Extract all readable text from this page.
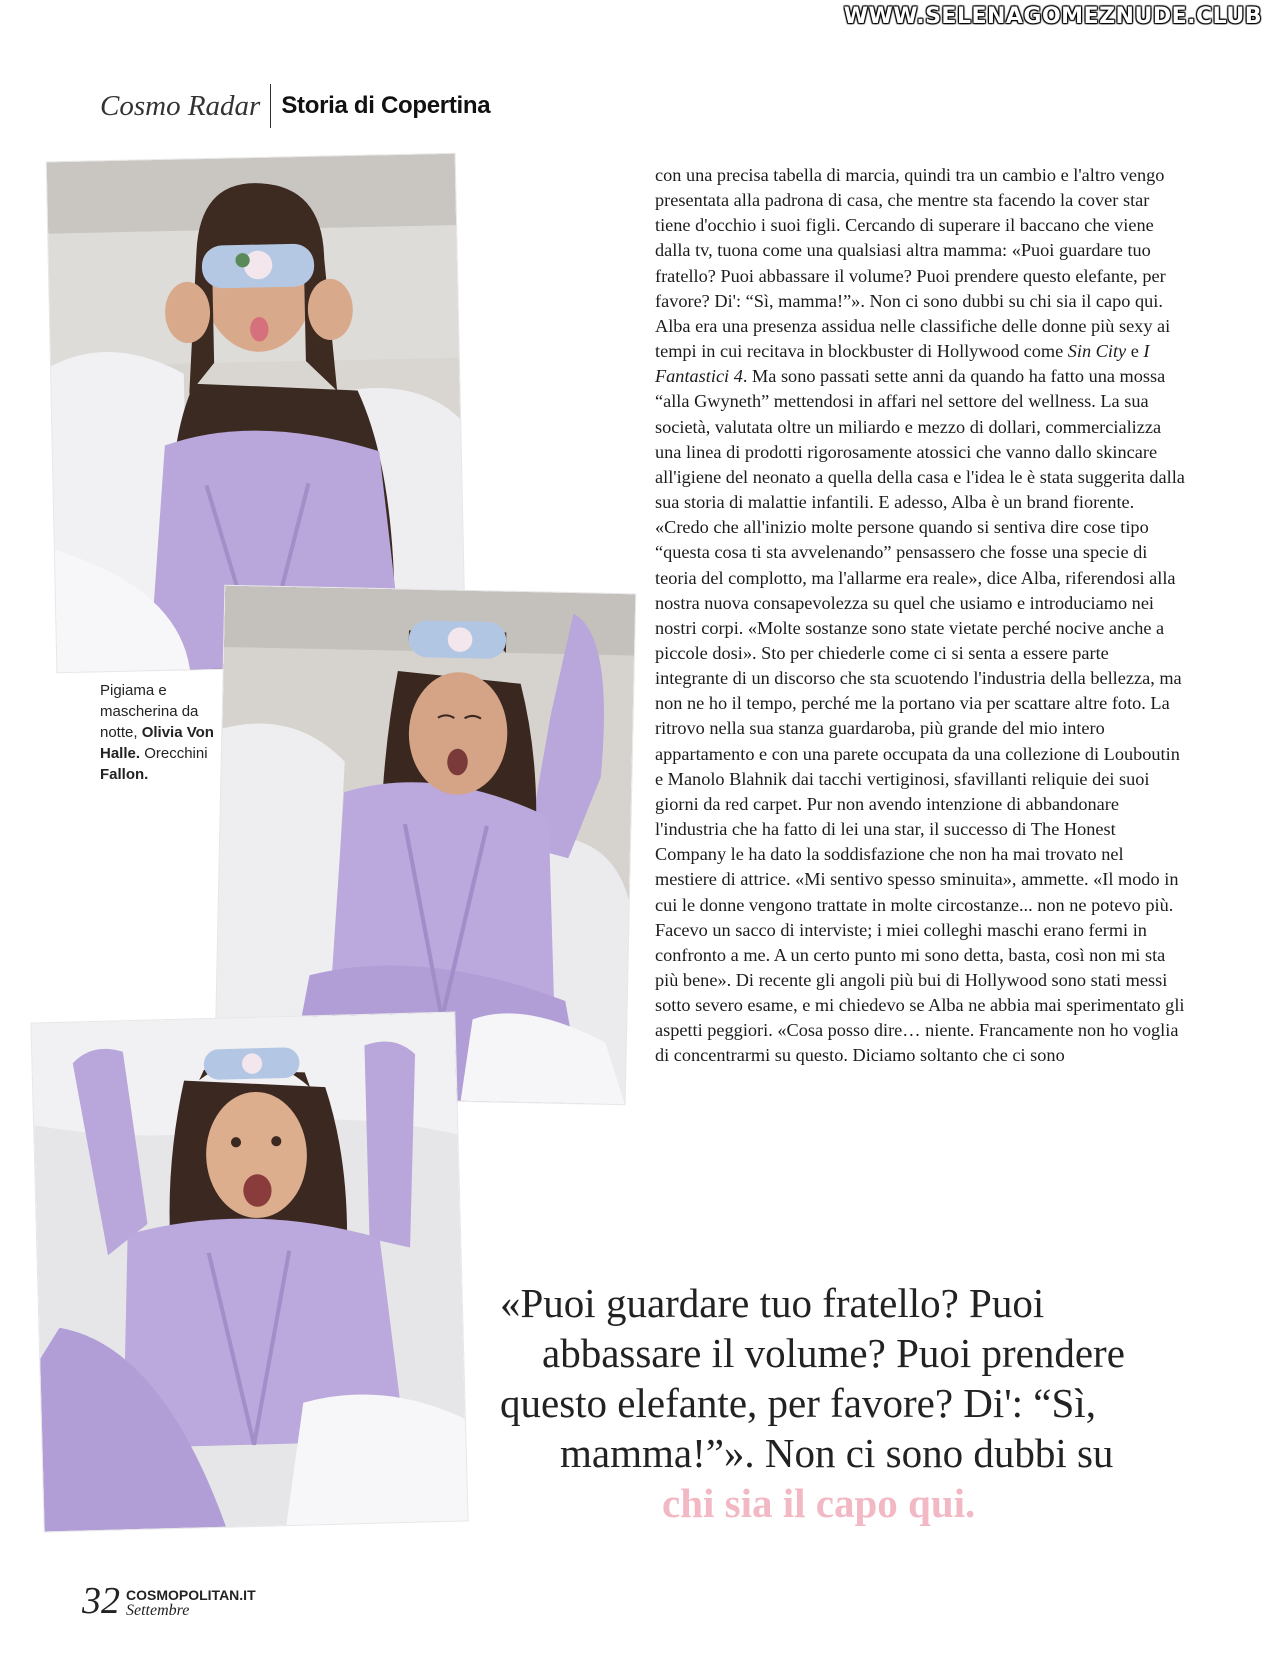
WWW.SELENAGOMEZNUDE.CLUB
Cosmo Radar Storia di Copertina
Pigiama e mascherina da notte, Olivia Von Halle. Orecchini Fallon.

con una precisa tabella di marcia, quindi tra un cambio e l'altro vengo presentata alla padrona di casa, che mentre sta facendo la cover star tiene d'occhio i suoi figli. Cercando di superare il baccano che viene dalla tv, tuona come una qualsiasi altra mamma: «Puoi guardare tuo fratello? Puoi abbassare il volume? Puoi prendere questo elefante, per favore? Di': “Sì, mamma!”». Non ci sono dubbi su chi sia il capo qui. Alba era una presenza assidua nelle classifiche delle donne più sexy ai tempi in cui recitava in blockbuster di Hollywood come Sin City e I Fantastici 4. Ma sono passati sette anni da quando ha fatto una mossa “alla Gwyneth” mettendosi in affari nel settore del wellness. La sua società, valutata oltre un miliardo e mezzo di dollari, commercializza una linea di prodotti rigorosamente atossici che vanno dallo skincare all'igiene del neonato a quella della casa e l'idea le è stata suggerita dalla sua storia di malattie infantili. E adesso, Alba è un brand fiorente. «Credo che all'inizio molte persone quando si sentiva dire cose tipo “questa cosa ti sta avvelenando” pensassero che fosse una specie di teoria del complotto, ma l'allarme era reale», dice Alba, riferendosi alla nostra nuova consapevolezza su quel che usiamo e introduciamo nei nostri corpi. «Molte sostanze sono state vietate perché nocive anche a piccole dosi». Sto per chiederle come ci si senta a essere parte integrante di un discorso che sta scuotendo l'industria della bellezza, ma non ne ho il tempo, perché me la portano via per scattare altre foto. La ritrovo nella sua stanza guardaroba, più grande del mio intero appartamento e con una parete occupata da una collezione di Louboutin e Manolo Blahnik dai tacchi vertiginosi, sfavillanti reliquie dei suoi giorni da red carpet. Pur non avendo intenzione di abbandonare l'industria che ha fatto di lei una star, il successo di The Honest Company le ha dato la soddisfazione che non ha mai trovato nel mestiere di attrice. «Mi sentivo spesso sminuita», ammette. «Il modo in cui le donne vengono trattate in molte circostanze... non ne potevo più. Facevo un sacco di interviste; i miei colleghi maschi erano fermi in confronto a me. A un certo punto mi sono detta, basta, così non mi sta più bene». Di recente gli angoli più bui di Hollywood sono stati messi sotto severo esame, e mi chiedevo se Alba ne abbia mai sperimentato gli aspetti peggiori. «Cosa posso dire… niente. Francamente non ho voglia di concentrarmi su questo. Diciamo soltanto che ci sono

«Puoi guardare tuo fratello? Puoi
abbassare il volume? Puoi prendere
questo elefante, per favore? Di': “Sì,
mamma!”». Non ci sono dubbi su
chi sia il capo qui.
32 COSMOPOLITAN.IT
Settembre
